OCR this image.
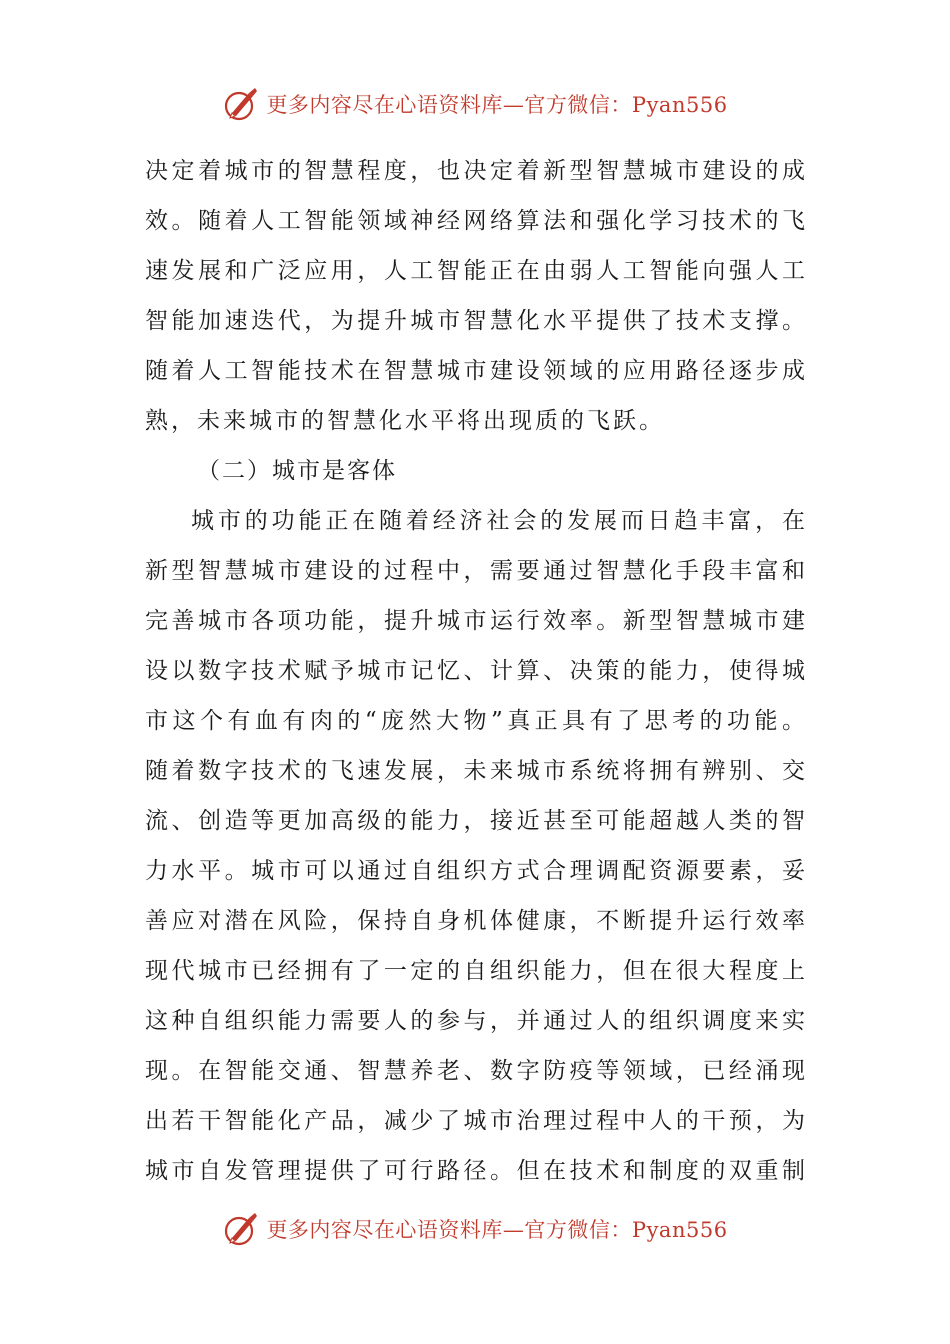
更多内容尽在心语资料库—官方微信：Pyan556
决定着城市的智慧程度，也决定着新型智慧城市建设的成
效。随着人工智能领域神经网络算法和强化学习技术的飞
速发展和广泛应用，人工智能正在由弱人工智能向强人工
智能加速迭代，为提升城市智慧化水平提供了技术支撑。
随着人工智能技术在智慧城市建设领域的应用路径逐步成
熟，未来城市的智慧化水平将出现质的飞跃。
（二）城市是客体
城市的功能正在随着经济社会的发展而日趋丰富，在
新型智慧城市建设的过程中，需要通过智慧化手段丰富和
完善城市各项功能，提升城市运行效率。新型智慧城市建
设以数字技术赋予城市记忆、计算、决策的能力，使得城
市这个有血有肉的“庞然大物”真正具有了思考的功能。
随着数字技术的飞速发展，未来城市系统将拥有辨别、交
流、创造等更加高级的能力，接近甚至可能超越人类的智
力水平。城市可以通过自组织方式合理调配资源要素，妥
善应对潜在风险，保持自身机体健康，不断提升运行效率
现代城市已经拥有了一定的自组织能力，但在很大程度上
这种自组织能力需要人的参与，并通过人的组织调度来实
现。在智能交通、智慧养老、数字防疫等领域，已经涌现
出若干智能化产品，减少了城市治理过程中人的干预，为
城市自发管理提供了可行路径。但在技术和制度的双重制
更多内容尽在心语资料库—官方微信：Pyan556
